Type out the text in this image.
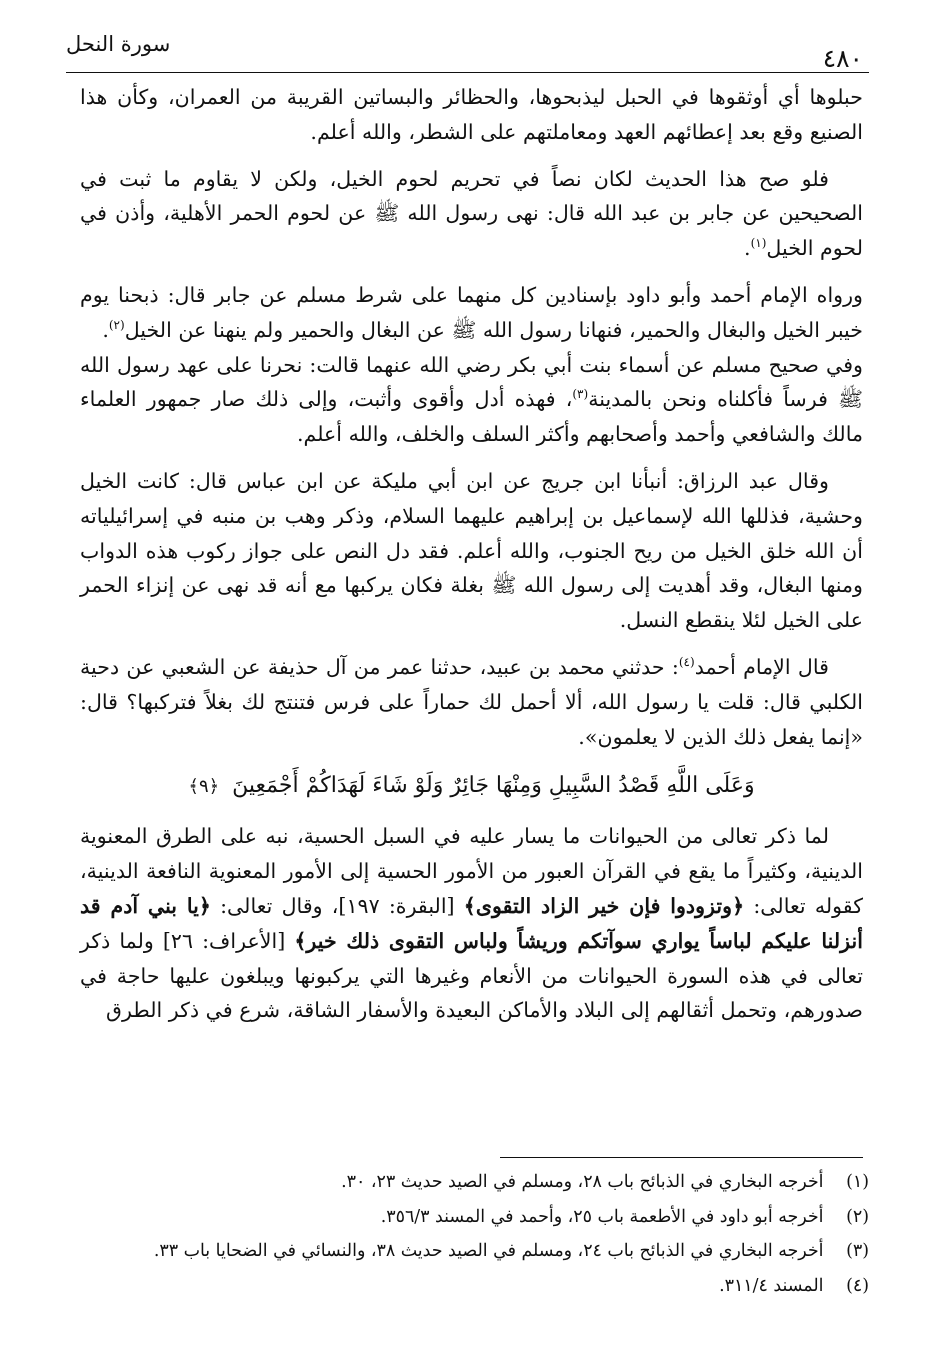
٤٨٠
سورة النحل

حبلوها أي أوثقوها في الحبل ليذبحوها، والحظائر والبساتين القريبة من العمران، وكأن هذا الصنيع وقع بعد إعطائهم العهد ومعاملتهم على الشطر، والله أعلم.

فلو صح هذا الحديث لكان نصاً في تحريم لحوم الخيل، ولكن لا يقاوم ما ثبت في الصحيحين عن جابر بن عبد الله قال: نهى رسول الله ﷺ عن لحوم الحمر الأهلية، وأذن في لحوم الخيل$^{(١)}$.

ورواه الإمام أحمد وأبو داود بإسنادين كل منهما على شرط مسلم عن جابر قال: ذبحنا يوم خيبر الخيل والبغال والحمير، فنهانا رسول الله ﷺ عن البغال والحمير ولم ينهنا عن الخيل$^{(٢)}$.

وفي صحيح مسلم عن أسماء بنت أبي بكر رضي الله عنهما قالت: نحرنا على عهد رسول الله ﷺ فرساً فأكلناه ونحن بالمدينة$^{(٣)}$، فهذه أدل وأقوى وأثبت، وإلى ذلك صار جمهور العلماء مالك والشافعي وأحمد وأصحابهم وأكثر السلف والخلف، والله أعلم.

وقال عبد الرزاق: أنبأنا ابن جريج عن ابن أبي مليكة عن ابن عباس قال: كانت الخيل وحشية، فذللها الله لإسماعيل بن إبراهيم عليهما السلام، وذكر وهب بن منبه في إسرائيلياته أن الله خلق الخيل من ريح الجنوب، والله أعلم. فقد دل النص على جواز ركوب هذه الدواب ومنها البغال، وقد أهديت إلى رسول الله ﷺ بغلة فكان يركبها مع أنه قد نهى عن إنزاء الحمر على الخيل لئلا ينقطع النسل.

قال الإمام أحمد$^{(٤)}$: حدثني محمد بن عبيد، حدثنا عمر من آل حذيفة عن الشعبي عن دحية الكلبي قال: قلت يا رسول الله، ألا أحمل لك حماراً على فرس فتنتج لك بغلاً فتركبها؟ قال: «إنما يفعل ذلك الذين لا يعلمون».

وَعَلَى اللَّهِ قَصْدُ السَّبِيلِ وَمِنْهَا جَائِرٌ وَلَوْ شَاءَ لَهَدَاكُمْ أَجْمَعِينَ ﴿٩﴾

لما ذكر تعالى من الحيوانات ما يسار عليه في السبل الحسية، نبه على الطرق المعنوية الدينية، وكثيراً ما يقع في القرآن العبور من الأمور الحسية إلى الأمور المعنوية النافعة الدينية، كقوله تعالى: ﴿وتزودوا فإن خير الزاد التقوى﴾ [البقرة: ١٩٧]، وقال تعالى: ﴿يا بني آدم قد أنزلنا عليكم لباساً يواري سوآتكم وريشاً ولباس التقوى ذلك خير﴾ [الأعراف: ٢٦] ولما ذكر تعالى في هذه السورة الحيوانات من الأنعام وغيرها التي يركبونها ويبلغون عليها حاجة في صدورهم، وتحمل أثقالهم إلى البلاد والأماكن البعيدة والأسفار الشاقة، شرع في ذكر الطرق

(١) أخرجه البخاري في الذبائح باب ٢٨، ومسلم في الصيد حديث ٢٣، ٣٠.
(٢) أخرجه أبو داود في الأطعمة باب ٢٥، وأحمد في المسند ٣٥٦/٣.
(٣) أخرجه البخاري في الذبائح باب ٢٤، ومسلم في الصيد حديث ٣٨، والنسائي في الضحايا باب ٣٣.
(٤) المسند ٣١١/٤.
